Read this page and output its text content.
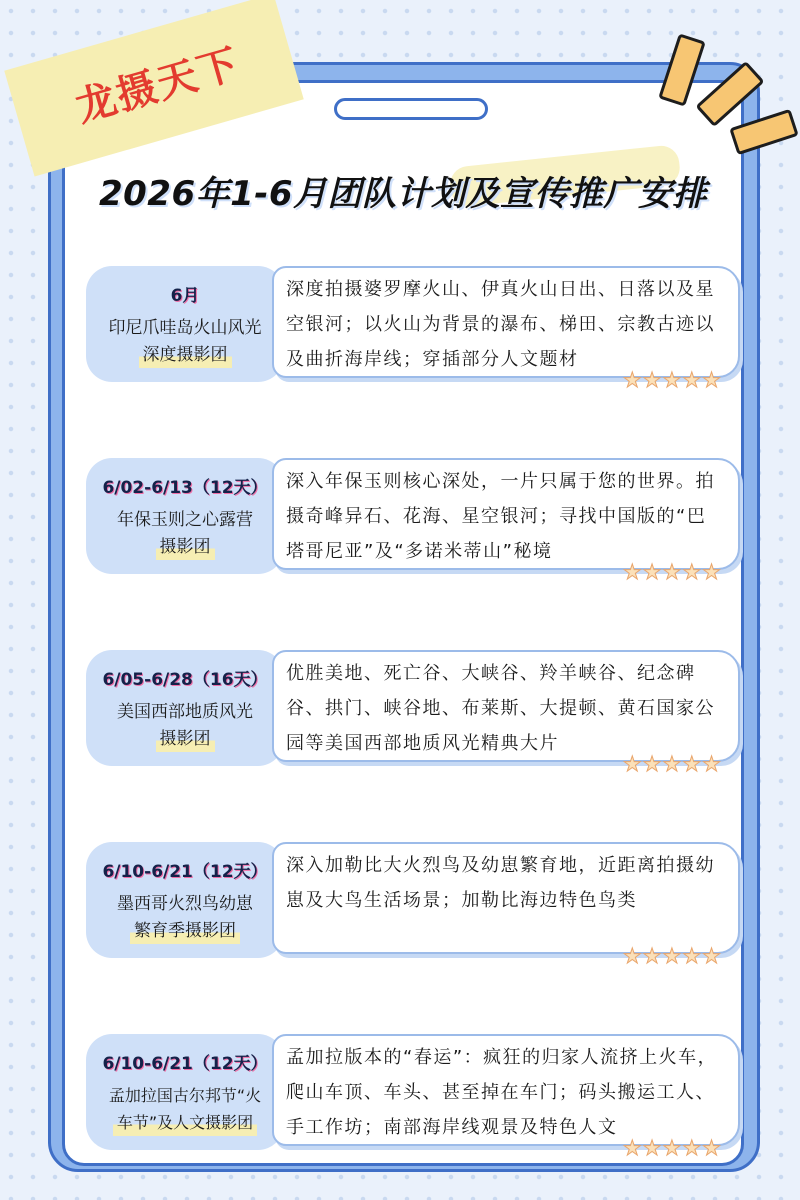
龙摄天下
2026年1-6月团队计划及宣传推广安排
6月
印尼爪哇岛火山风光
深度摄影团
深度拍摄婆罗摩火山、伊真火山日出、日落以及星空银河；以火山为背景的瀑布、梯田、宗教古迹以及曲折海岸线；穿插部分人文题材
★★★★★
6/02-6/13（12天）
年保玉则之心露营
摄影团
深入年保玉则核心深处，一片只属于您的世界。拍摄奇峰异石、花海、星空银河；寻找中国版的“巴塔哥尼亚”及“多诺米蒂山”秘境
★★★★★
6/05-6/28（16天）
美国西部地质风光
摄影团
优胜美地、死亡谷、大峡谷、羚羊峡谷、纪念碑谷、拱门、峡谷地、布莱斯、大提顿、黄石国家公园等美国西部地质风光精典大片
★★★★★
6/10-6/21（12天）
墨西哥火烈鸟幼崽
繁育季摄影团
深入加勒比大火烈鸟及幼崽繁育地，近距离拍摄幼崽及大鸟生活场景；加勒比海边特色鸟类
★★★★★
6/10-6/21（12天）
孟加拉国古尔邦节“火
车节”及人文摄影团
孟加拉版本的“春运”：疯狂的归家人流挤上火车，爬山车顶、车头、甚至掉在车门；码头搬运工人、手工作坊；南部海岸线观景及特色人文
★★★★★
